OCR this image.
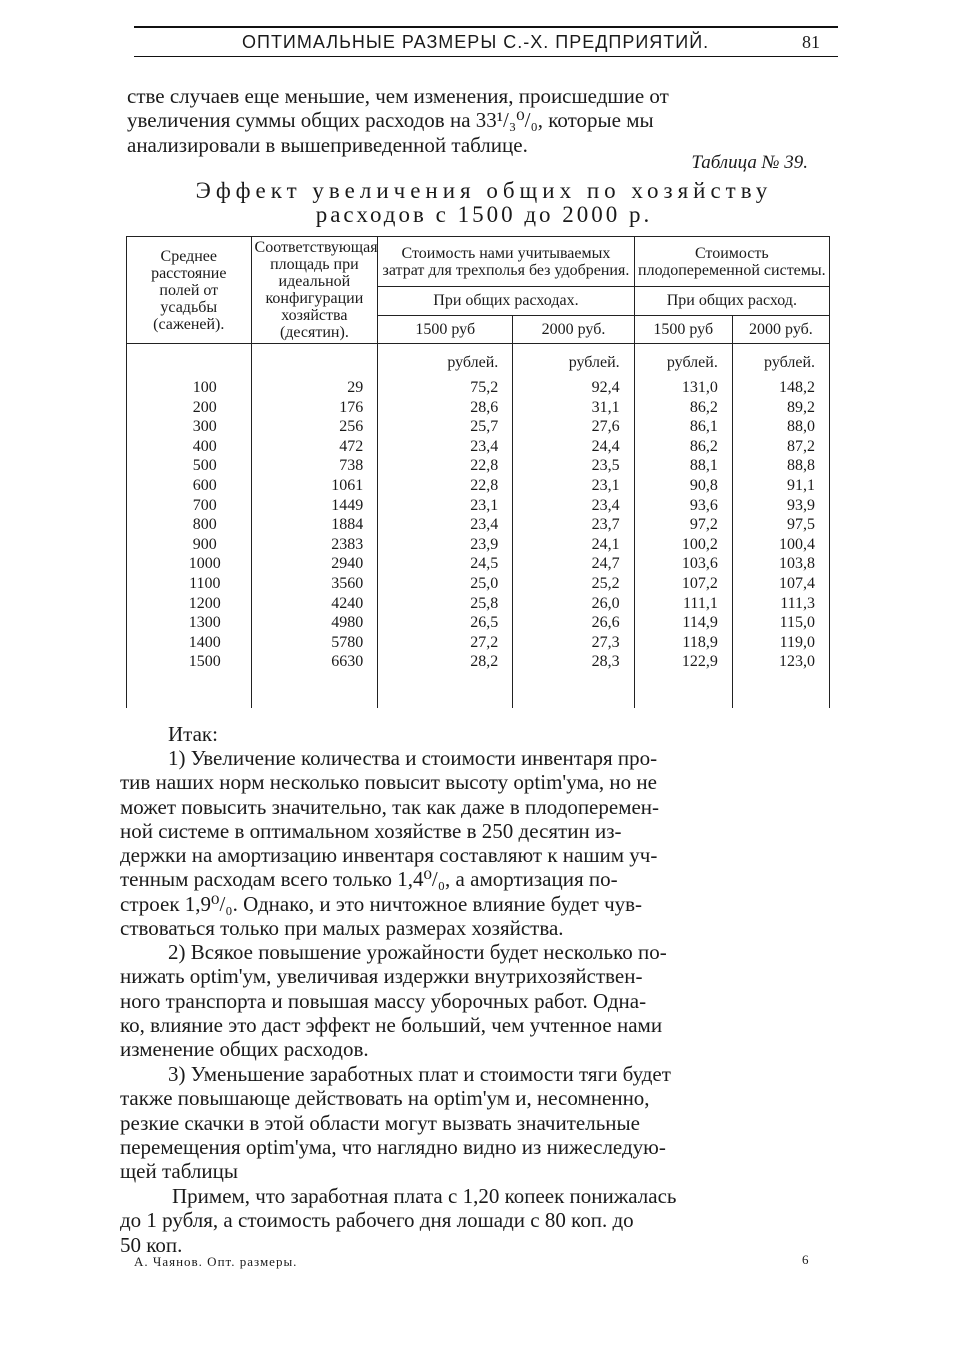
ОПТИМАЛЬНЫЕ РАЗМЕРЫ С.-Х. ПРЕДПРИЯТИЙ.	81
стве случаев еще меньшие, чем изменения, происшедшие от
увеличения суммы общих расходов на 33¹/₃⁰/₀, которые мы
анализировали в вышеприведенной таблице.
Таблица № 39.
Эффект увеличения общих по хозяйству
расходов с 1500 до 2000 р.
Среднее расстояние полей от усадьбы (саженей).	Соответствующая площадь при идеальной конфигурации хозяйства (десятин).	Стоимость нами учитываемых затрат для трехполья без удобрения.		Стоимость плодопеременной системы.	
		При общих расходах.		При общих расход.	
		1500 руб	2000 руб.	1500 руб	2000 руб.
		рублей.	рублей.	рублей.	рублей.
100	29	75,2	92,4	131,0	148,2
200	176	28,6	31,1	86,2	89,2
300	256	25,7	27,6	86,1	88,0
400	472	23,4	24,4	86,2	87,2
500	738	22,8	23,5	88,1	88,8
600	1061	22,8	23,1	90,8	91,1
700	1449	23,1	23,4	93,6	93,9
800	1884	23,4	23,7	97,2	97,5
900	2383	23,9	24,1	100,2	100,4
1000	2940	24,5	24,7	103,6	103,8
1100	3560	25,0	25,2	107,2	107,4
1200	4240	25,8	26,0	111,1	111,3
1300	4980	26,5	26,6	114,9	115,0
1400	5780	27,2	27,3	118,9	119,0
1500	6630	28,2	28,3	122,9	123,0

Итак:
1) Увеличение количества и стоимости инвентаря про-
тив наших норм несколько повысит высоту optim'ума, но не
может повысить значительно, так как даже в плодоперемен-
ной системе в оптимальном хозяйстве в 250 десятин из-
держки на амортизацию инвентаря составляют к нашим уч-
тенным расходам всего только 1,4⁰/₀, а амортизация по-
строек 1,9⁰/₀. Однако, и это ничтожное влияние будет чув-
ствоваться только при малых размерах хозяйства.
2) Всякое повышение урожайности будет несколько по-
нижать optim'ум, увеличивая издержки внутрихозяйствен-
ного транспорта и повышая массу уборочных работ. Одна-
ко, влияние это даст эффект не больший, чем учтенное нами
изменение общих расходов.
3) Уменьшение заработных плат и стоимости тяги будет
также повышающе действовать на optim'ум и, несомненно,
резкие скачки в этой области могут вызвать значительные
перемещения optim'ума, что наглядно видно из нижеследую-
щей таблицы
Примем, что заработная плата с 1,20 копеек понижалась
до 1 рубля, а стоимость рабочего дня лошади с 80 коп. до
50 коп.
А. Чаянов. Опт. размеры.	6
